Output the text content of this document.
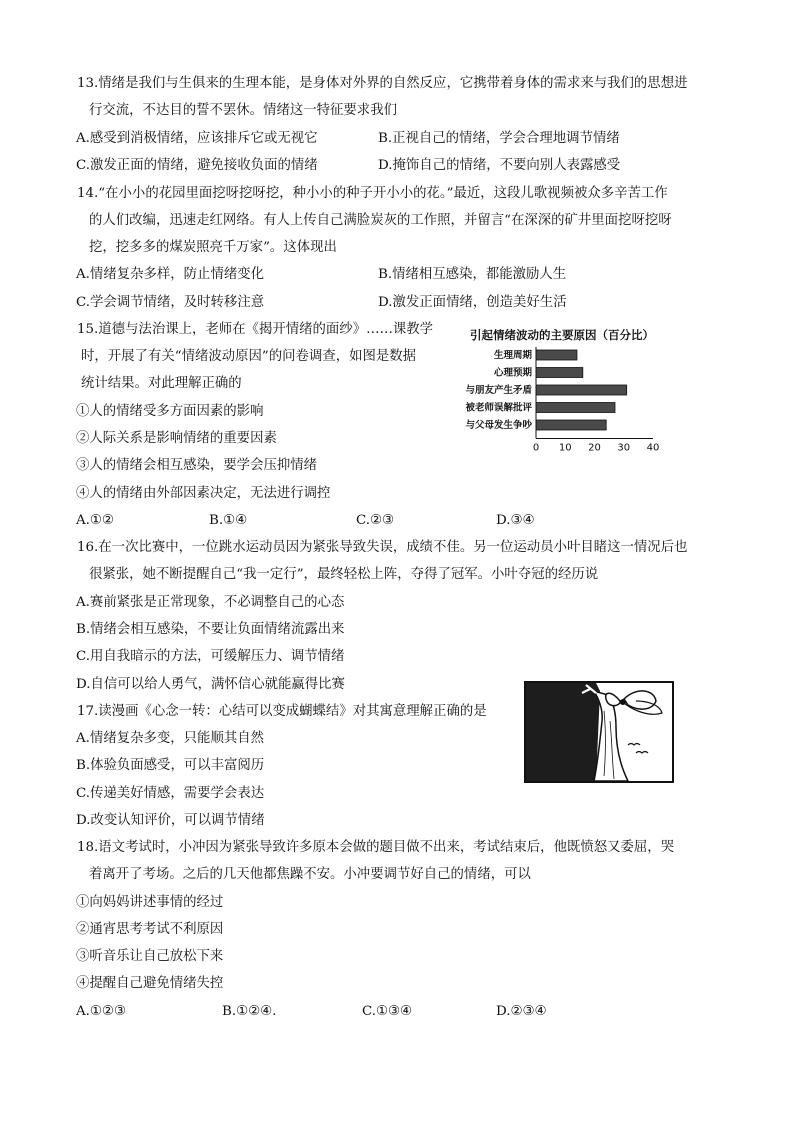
13.情绪是我们与生俱来的生理本能，是身体对外界的自然反应，它携带着身体的需求来与我们的思想进
行交流，不达目的誓不罢休。情绪这一特征要求我们
A.感受到消极情绪，应该排斥它或无视它	B.正视自己的情绪，学会合理地调节情绪
C.激发正面的情绪，避免接收负面的情绪	D.掩饰自己的情绪，不要向别人表露感受
14.“在小小的花园里面挖呀挖呀挖，种小小的种子开小小的花。”最近，这段儿歌视频被众多辛苦工作
的人们改编，迅速走红网络。有人上传自己满脸炭灰的工作照，并留言“在深深的矿井里面挖呀挖呀
挖，挖多多的煤炭照亮千万家”。这体现出
A.情绪复杂多样，防止情绪变化	B.情绪相互感染，都能激励人生
C.学会调节情绪，及时转移注意	D.激发正面情绪，创造美好生活
15.道德与法治课上，老师在《揭开情绪的面纱》……课教学
时，开展了有关“情绪波动原因”的问卷调查，如图是数据
统计结果。对此理解正确的
①人的情绪受多方面因素的影响
②人际关系是影响情绪的重要因素
③人的情绪会相互感染，要学会压抑情绪
④人的情绪由外部因素决定，无法进行调控
A.①②	B.①④	C.②③	D.③④
引起情绪波动的主要原因（百分比）
生理周期
心理预期
与朋友产生矛盾
被老师误解批评
与父母发生争吵
0 10 20 30 40
16.在一次比赛中，一位跳水运动员因为紧张导致失误，成绩不佳。另一位运动员小叶目睹这一情况后也
很紧张，她不断提醒自己“我一定行”，最终轻松上阵，夺得了冠军。小叶夺冠的经历说
A.赛前紧张是正常现象，不必调整自己的心态
B.情绪会相互感染，不要让负面情绪流露出来
C.用自我暗示的方法，可缓解压力、调节情绪
D.自信可以给人勇气，满怀信心就能赢得比赛
17.读漫画《心念一转：心结可以变成蝴蝶结》对其寓意理解正确的是
A.情绪复杂多变，只能顺其自然
B.体验负面感受，可以丰富阅历
C.传递美好情感，需要学会表达
D.改变认知评价，可以调节情绪
18.语文考试时，小冲因为紧张导致许多原本会做的题目做不出来，考试结束后，他既愤怒又委屈，哭
着离开了考场。之后的几天他都焦躁不安。小冲要调节好自己的情绪，可以
①向妈妈讲述事情的经过
②通宵思考考试不利原因
③听音乐让自己放松下来
④提醒自己避免情绪失控
A.①②③	B.①②④.	C.①③④	D.②③④
